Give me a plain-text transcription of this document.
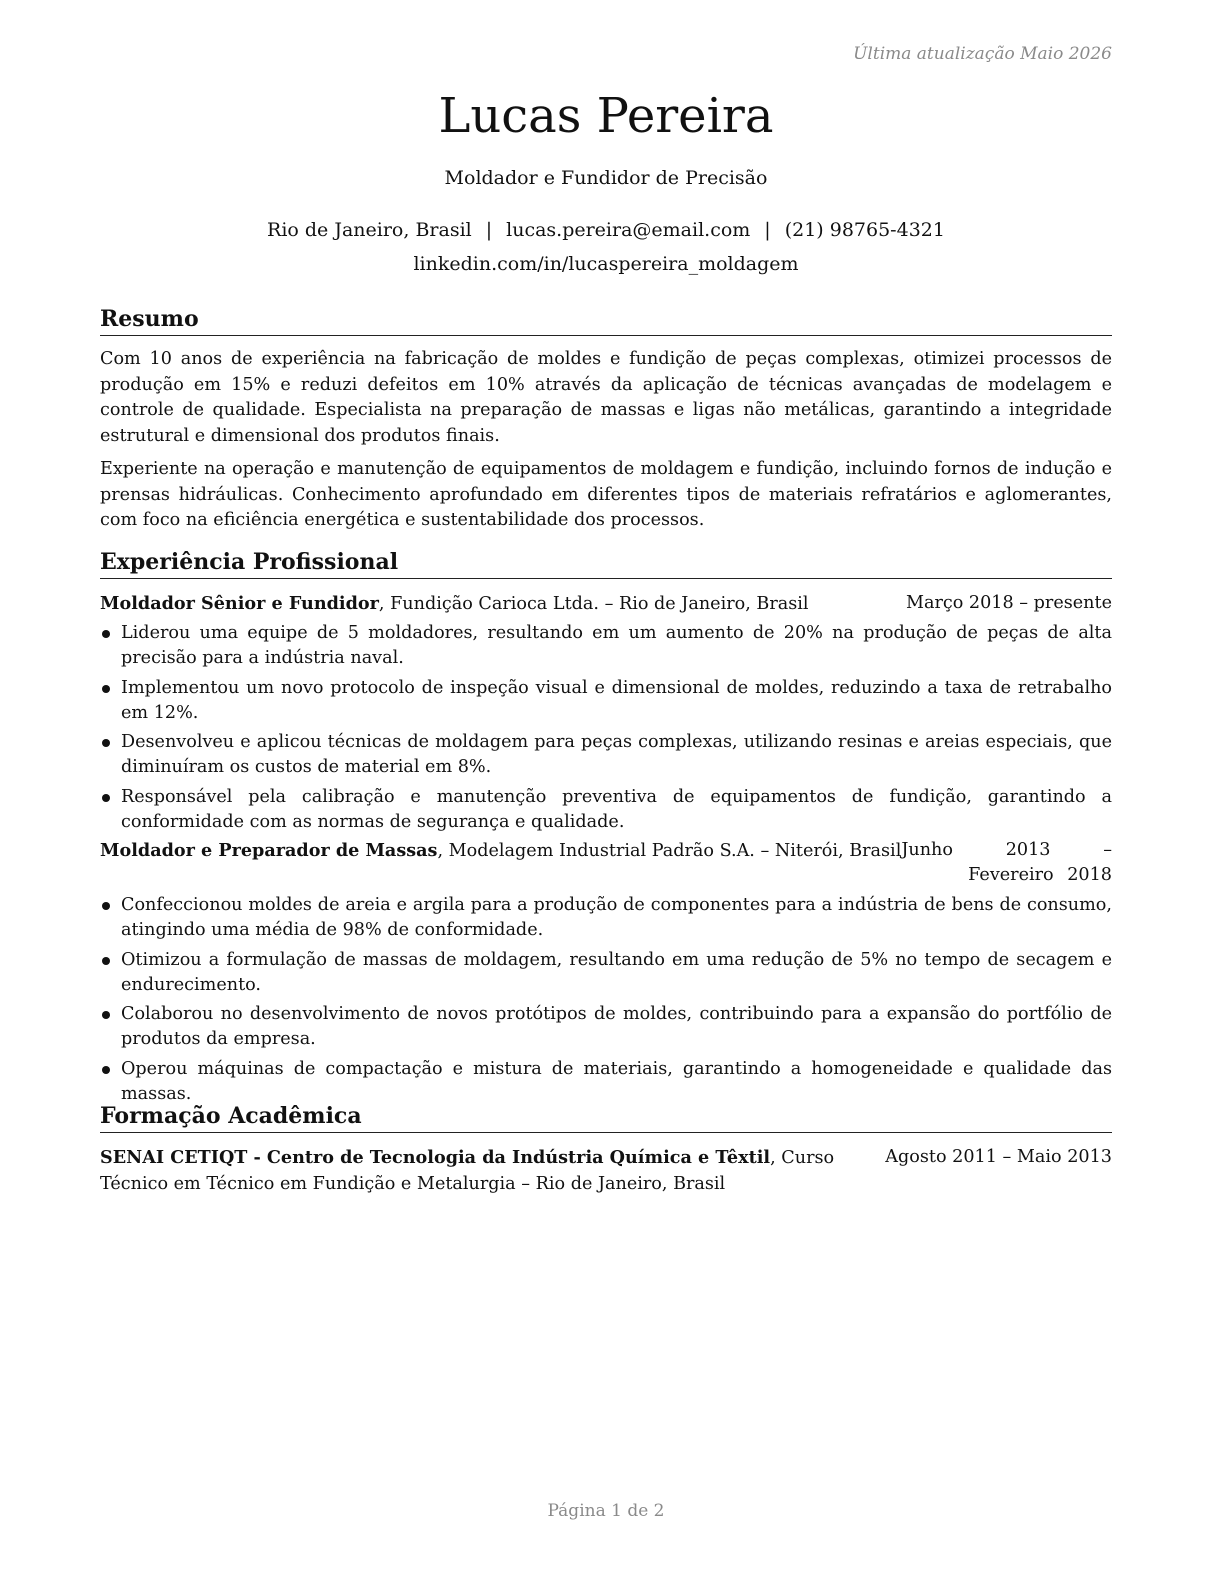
Última atualização Maio 2026
Lucas Pereira
Moldador e Fundidor de Precisão
Rio de Janeiro, Brasil | lucas.pereira@email.com | (21) 98765-4321
linkedin.com/in/lucaspereira_moldagem
Resumo

Com 10 anos de experiência na fabricação de moldes e fundição de peças complexas, otimizei processos de produção em 15% e reduzi defeitos em 10% através da aplicação de técnicas avançadas de modelagem e controle de qualidade. Especialista na preparação de massas e ligas não metálicas, garantindo a integridade estrutural e dimensional dos produtos finais.

Experiente na operação e manutenção de equipamentos de moldagem e fundição, incluindo fornos de indução e prensas hidráulicas. Conhecimento aprofundado em diferentes tipos de materiais refratários e aglomerantes, com foco na eficiência energética e sustentabilidade dos processos.

Experiência Profissional
Moldador Sênior e Fundidor, Fundição Carioca Ltda. – Rio de Janeiro, Brasil	Março 2018 – presente
Liderou uma equipe de 5 moldadores, resultando em um aumento de 20% na produção de peças de alta precisão para a indústria naval.
Implementou um novo protocolo de inspeção visual e dimensional de moldes, reduzindo a taxa de retrabalho em 12%.
Desenvolveu e aplicou técnicas de moldagem para peças complexas, utilizando resinas e areias especiais, que diminuíram os custos de material em 8%.
Responsável pela calibração e manutenção preventiva de equipamentos de fundição, garantindo a conformidade com as normas de segurança e qualidade.
Moldador e Preparador de Massas, Modelagem Industrial Padrão S.A. – Niterói, Brasil Junho 2013 – Fevereiro 2018
Confeccionou moldes de areia e argila para a produção de componentes para a indústria de bens de consumo, atingindo uma média de 98% de conformidade.
Otimizou a formulação de massas de moldagem, resultando em uma redução de 5% no tempo de secagem e endurecimento.
Colaborou no desenvolvimento de novos protótipos de moldes, contribuindo para a expansão do portfólio de produtos da empresa.
Operou máquinas de compactação e mistura de materiais, garantindo a homogeneidade e qualidade das massas.
Formação Acadêmica
Agosto 2011 – Maio 2013
SENAI CETIQT - Centro de Tecnologia da Indústria Química e Têxtil, Curso Técnico em Técnico em Fundição e Metalurgia – Rio de Janeiro, Brasil
Página 1 de 2
